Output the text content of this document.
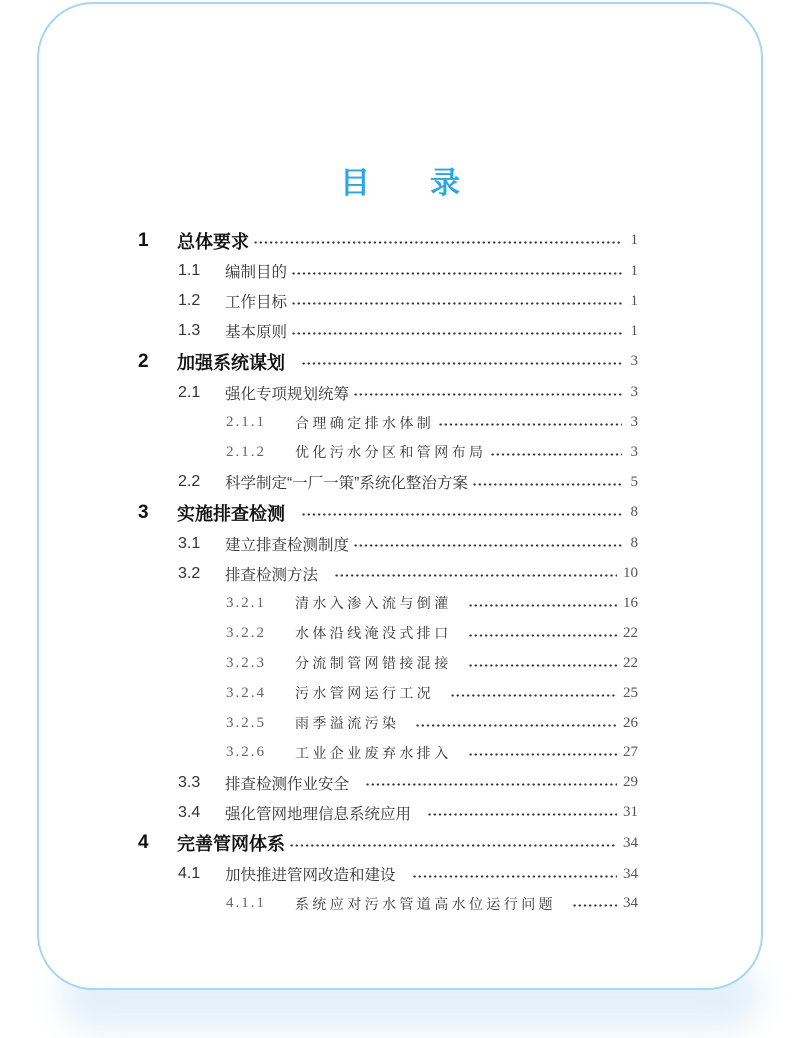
目 录
1	总体要求	1
1.1	编制目的	1
1.2	工作目标	1
1.3	基本原则	1
2	加强系统谋划	3
2.1	强化专项规划统筹	3
2.1.1	合理确定排水体制	3
2.1.2	优化污水分区和管网布局	3
2.2	科学制定“一厂一策”系统化整治方案	5
3	实施排查检测	8
3.1	建立排查检测制度	8
3.2	排查检测方法	10
3.2.1	清水入渗入流与倒灌	16
3.2.2	水体沿线淹没式排口	22
3.2.3	分流制管网错接混接	22
3.2.4	污水管网运行工况	25
3.2.5	雨季溢流污染	26
3.2.6	工业企业废弃水排入	27
3.3	排查检测作业安全	29
3.4	强化管网地理信息系统应用	31
4	完善管网体系	34
4.1	加快推进管网改造和建设	34
4.1.1	系统应对污水管道高水位运行问题	34
